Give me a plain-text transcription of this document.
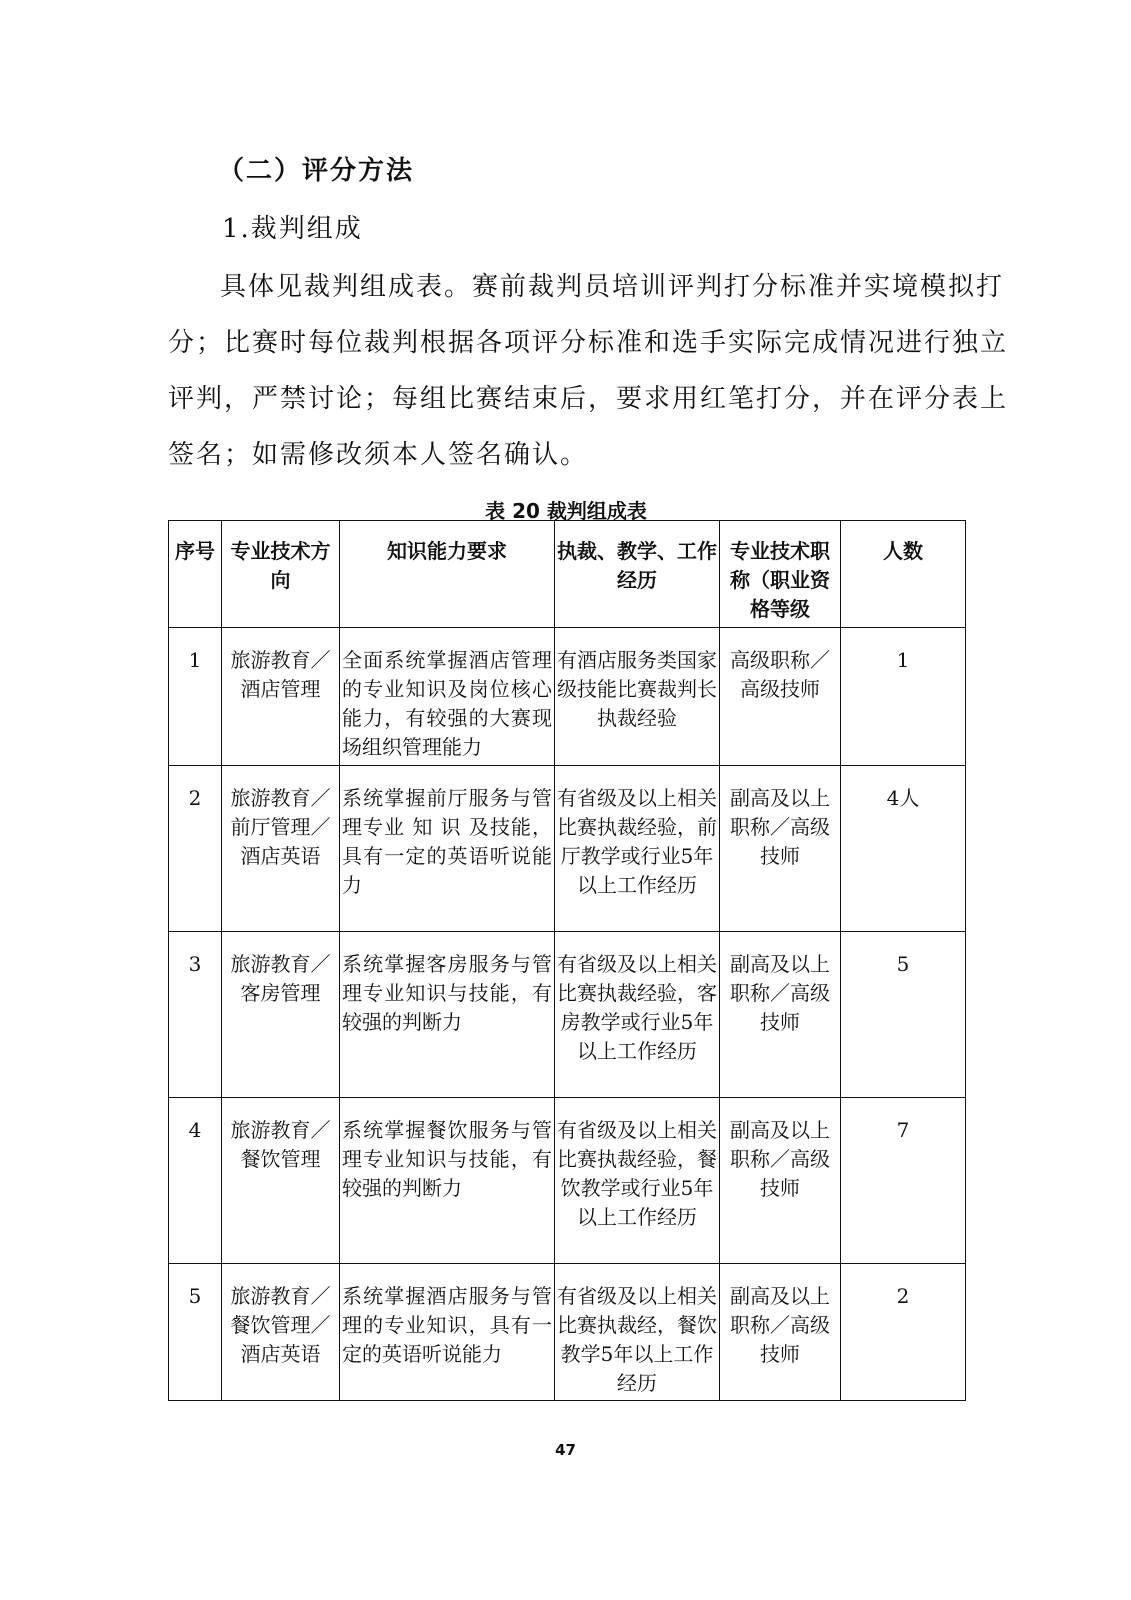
（二）评分方法
1.裁判组成
具体见裁判组成表。赛前裁判员培训评判打分标准并实境模拟打
分；比赛时每位裁判根据各项评分标准和选手实际完成情况进行独立
评判，严禁讨论；每组比赛结束后，要求用红笔打分，并在评分表上
签名；如需修改须本人签名确认。
表 20 裁判组成表
序号	专业技术方向	知识能力要求	执裁、教学、工作经历	专业技术职称（职业资格等级	人数
1	旅游教育／酒店管理	全面系统掌握酒店管理的专业知识及岗位核心能力，有较强的大赛现场组织管理能力	有酒店服务类国家级技能比赛裁判长执裁经验	高级职称／高级技师	1
2	旅游教育／前厅管理／酒店英语	系统掌握前厅服务与管理专业 知 识 及技能，具有一定的英语听说能力	有省级及以上相关比赛执裁经验，前厅教学或行业5年以上工作经历	副高及以上职称／高级技师	4人
3	旅游教育／客房管理	系统掌握客房服务与管理专业知识与技能，有较强的判断力	有省级及以上相关比赛执裁经验，客房教学或行业5年以上工作经历	副高及以上职称／高级技师	5
4	旅游教育／餐饮管理	系统掌握餐饮服务与管理专业知识与技能，有较强的判断力	有省级及以上相关比赛执裁经验，餐饮教学或行业5年以上工作经历	副高及以上职称／高级技师	7
5	旅游教育／餐饮管理／酒店英语	系统掌握酒店服务与管理的专业知识，具有一定的英语听说能力	有省级及以上相关比赛执裁经，餐饮教学5年以上工作经历	副高及以上职称／高级技师	2
47
